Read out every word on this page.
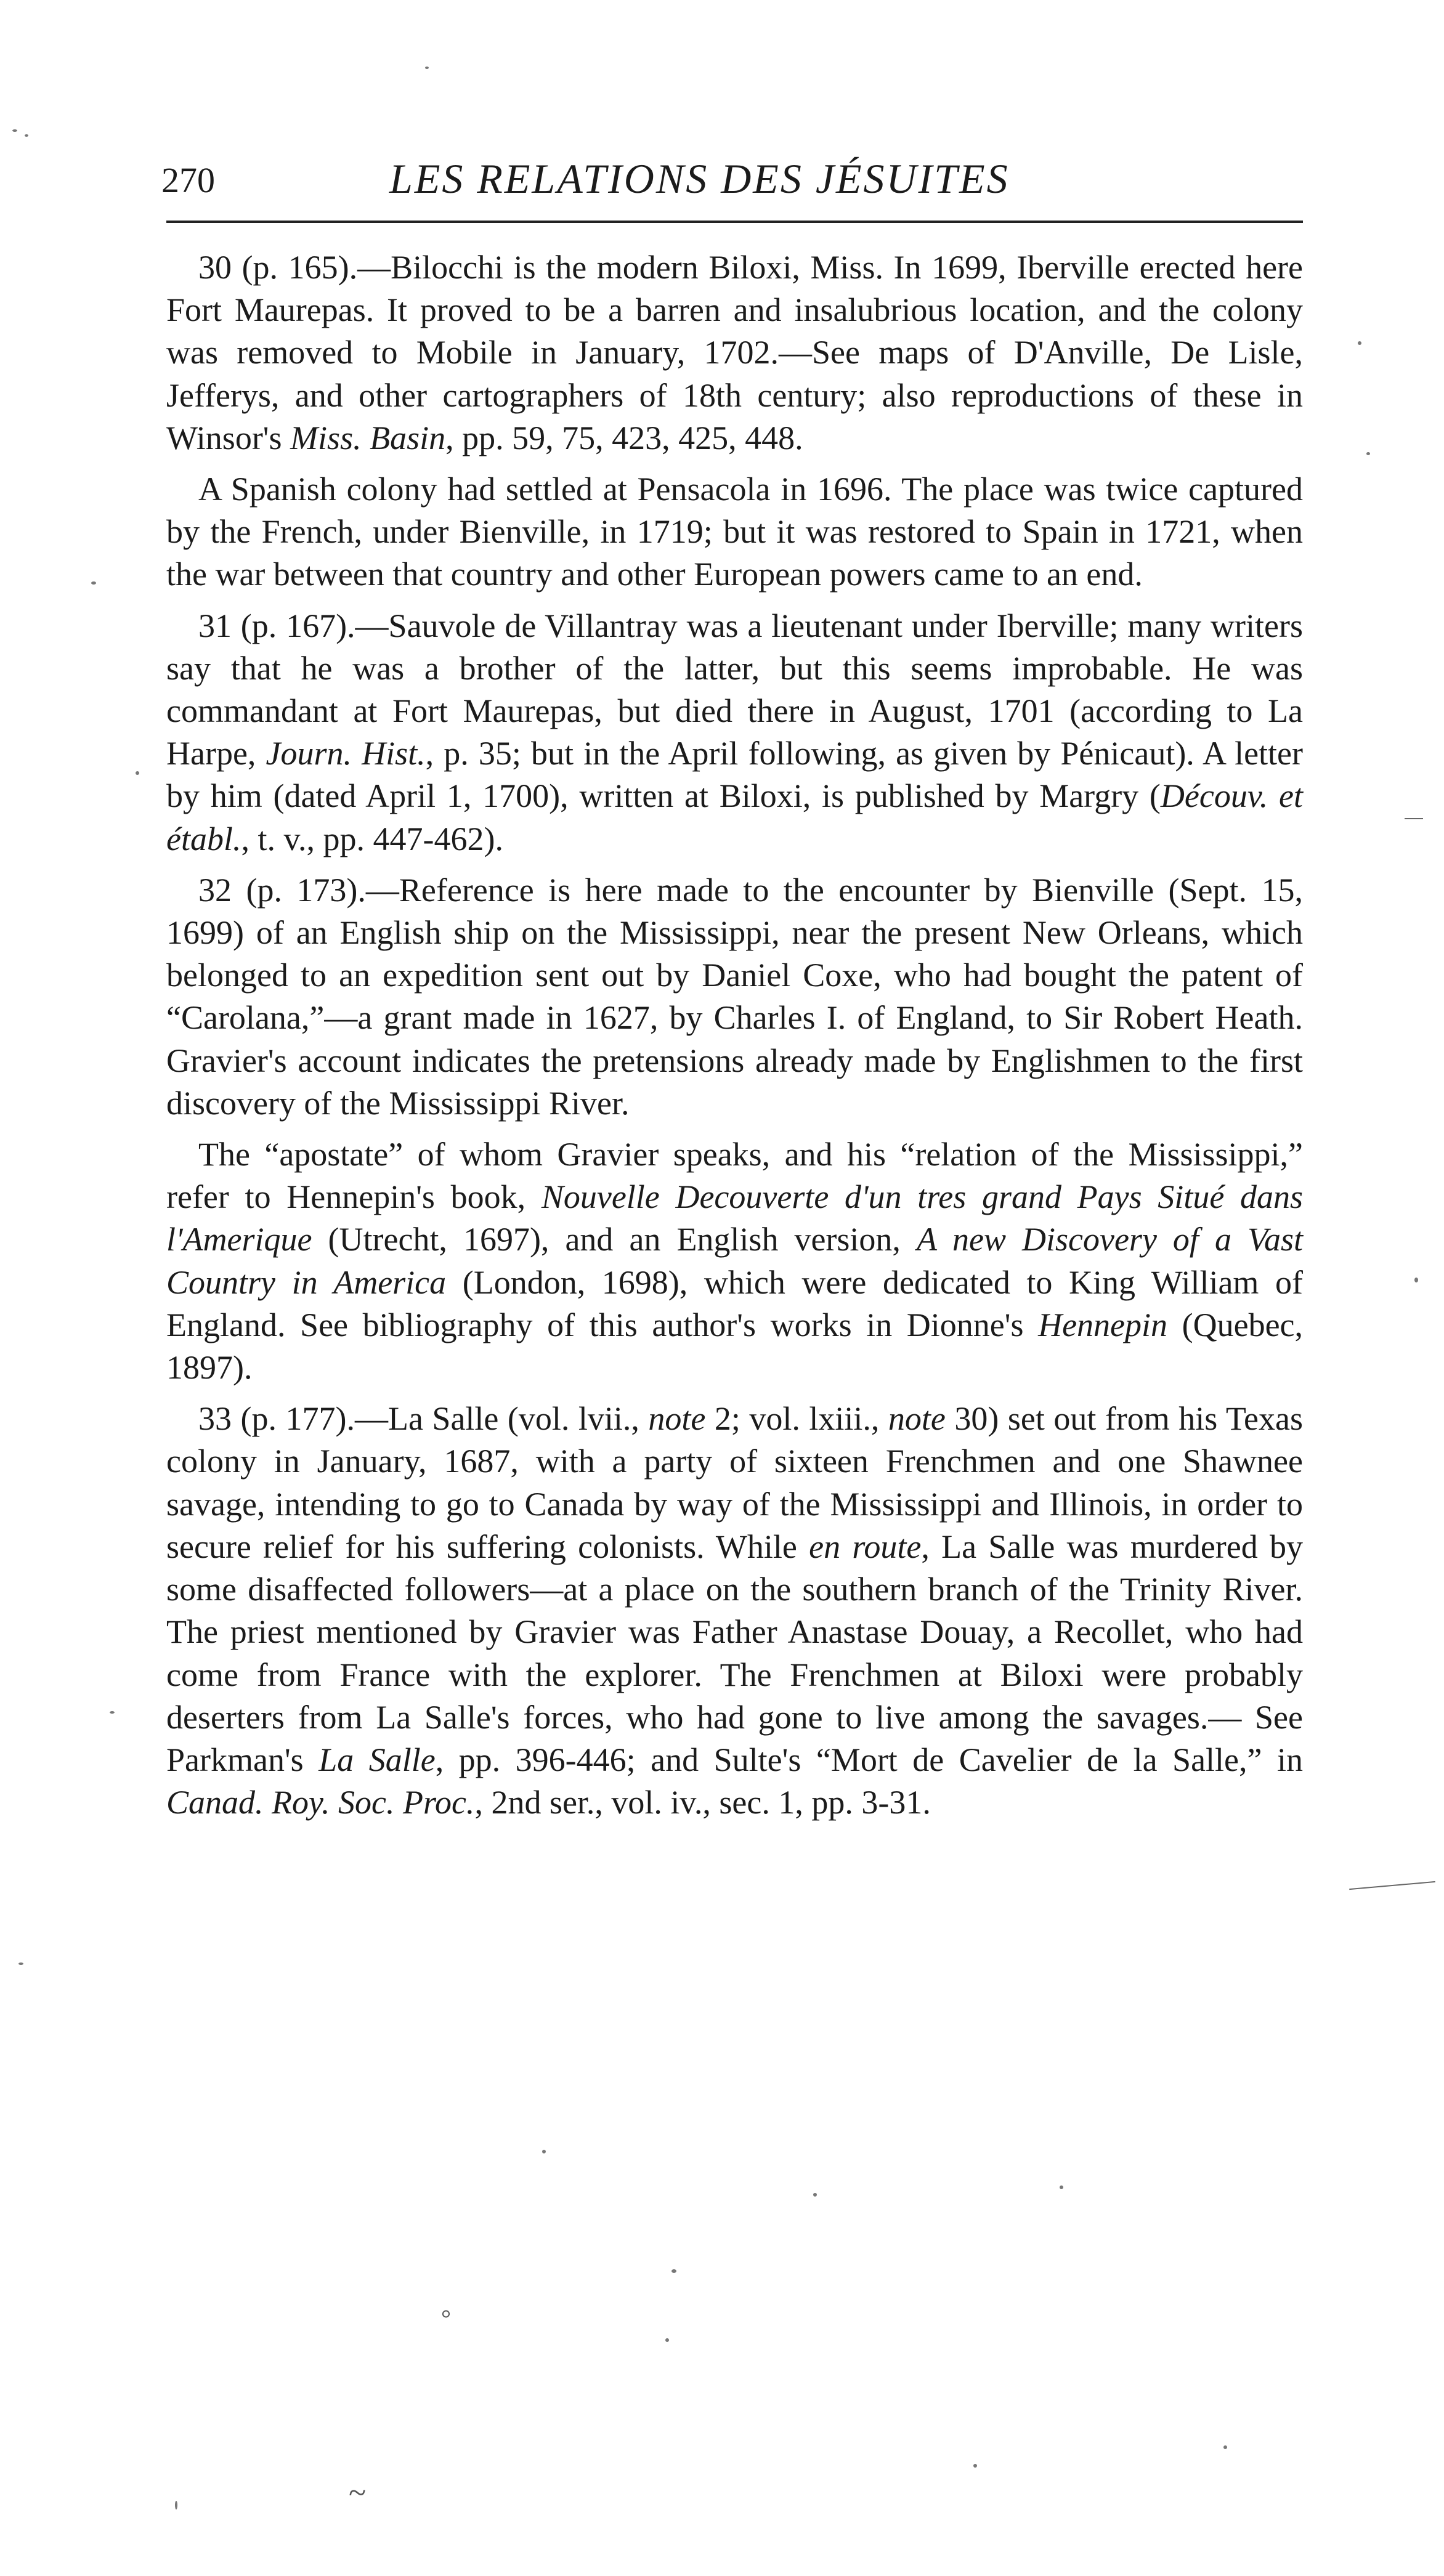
270	LES RELATIONS DES JÉSUITES

30 (p. 165).—Bilocchi is the modern Biloxi, Miss. In 1699, Iberville erected here Fort Maurepas. It proved to be a barren and insalubrious location, and the colony was removed to Mobile in January, 1702.—See maps of D'Anville, De Lisle, Jefferys, and other cartographers of 18th century; also reproductions of these in Winsor's Miss. Basin, pp. 59, 75, 423, 425, 448.

A Spanish colony had settled at Pensacola in 1696. The place was twice captured by the French, under Bienville, in 1719; but it was restored to Spain in 1721, when the war between that country and other European powers came to an end.

31 (p. 167).—Sauvole de Villantray was a lieutenant under Iberville; many writers say that he was a brother of the latter, but this seems improbable. He was commandant at Fort Maurepas, but died there in August, 1701 (according to La Harpe, Journ. Hist., p. 35; but in the April following, as given by Pénicaut). A letter by him (dated April 1, 1700), written at Biloxi, is published by Margry (Découv. et établ., t. v., pp. 447-462).

32 (p. 173).—Reference is here made to the encounter by Bienville (Sept. 15, 1699) of an English ship on the Mississippi, near the present New Orleans, which belonged to an expedition sent out by Daniel Coxe, who had bought the patent of “Carolana,”—a grant made in 1627, by Charles I. of England, to Sir Robert Heath. Gravier's account indicates the pretensions already made by Englishmen to the first discovery of the Mississippi River.

The “apostate” of whom Gravier speaks, and his “relation of the Mississippi,” refer to Hennepin's book, Nouvelle Decouverte d'un tres grand Pays Situé dans l'Amerique (Utrecht, 1697), and an English version, A new Discovery of a Vast Country in America (London, 1698), which were dedicated to King William of England. See bibliography of this author's works in Dionne's Hennepin (Quebec, 1897).

33 (p. 177).—La Salle (vol. lvii., note 2; vol. lxiii., note 30) set out from his Texas colony in January, 1687, with a party of sixteen Frenchmen and one Shawnee savage, intending to go to Canada by way of the Mississippi and Illinois, in order to secure relief for his suffering colonists. While en route, La Salle was murdered by some disaffected followers—at a place on the southern branch of the Trinity River. The priest mentioned by Gravier was Father Anastase Douay, a Recollet, who had come from France with the explorer. The Frenchmen at Biloxi were probably deserters from La Salle's forces, who had gone to live among the savages.— See Parkman's La Salle, pp. 396-446; and Sulte's “Mort de Cavelier de la Salle,” in Canad. Roy. Soc. Proc., 2nd ser., vol. iv., sec. 1, pp. 3-31.

°
~
